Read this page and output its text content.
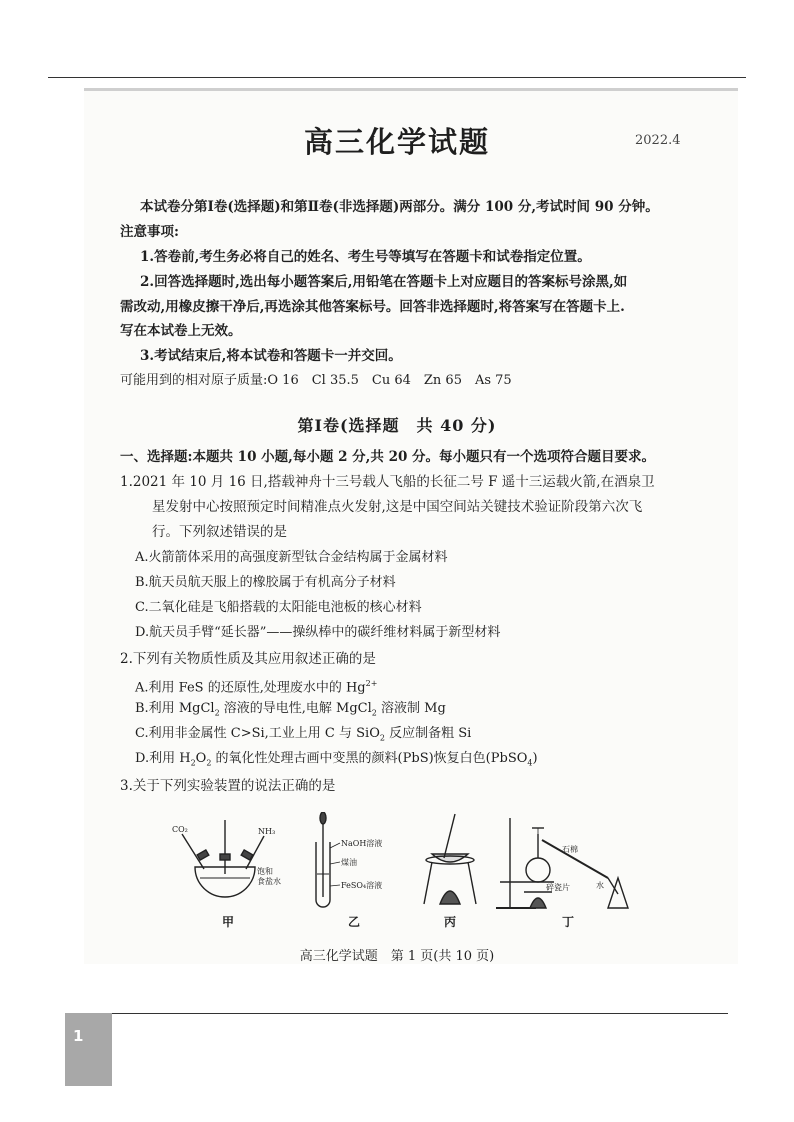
高三化学试题	2022.4
本试卷分第Ⅰ卷(选择题)和第Ⅱ卷(非选择题)两部分。满分 100 分,考试时间 90 分钟。
注意事项:
1.答卷前,考生务必将自己的姓名、考生号等填写在答题卡和试卷指定位置。
2.回答选择题时,选出每小题答案后,用铅笔在答题卡上对应题目的答案标号涂黑,如
需改动,用橡皮擦干净后,再选涂其他答案标号。回答非选择题时,将答案写在答题卡上.
写在本试卷上无效。
3.考试结束后,将本试卷和答题卡一并交回。
可能用到的相对原子质量:O 16　Cl 35.5　Cu 64　Zn 65　As 75
第Ⅰ卷(选择题　共 40 分)
一、选择题:本题共 10 小题,每小题 2 分,共 20 分。每小题只有一个选项符合题目要求。
1.2021 年 10 月 16 日,搭载神舟十三号载人飞船的长征二号 F 遥十三运载火箭,在酒泉卫
星发射中心按照预定时间精准点火发射,这是中国空间站关键技术验证阶段第六次飞
行。下列叙述错误的是
A.火箭箭体采用的高强度新型钛合金结构属于金属材料
B.航天员航天服上的橡胶属于有机高分子材料
C.二氧化硅是飞船搭载的太阳能电池板的核心材料
D.航天员手臂“延长器”——操纵棒中的碳纤维材料属于新型材料
2.下列有关物质性质及其应用叙述正确的是
A.利用 FeS 的还原性,处理废水中的 $Hg^{2+}$
B.利用 MgCl$_2$ 溶液的导电性,电解 MgCl$_2$ 溶液制 Mg
C.利用非金属性 C>Si,工业上用 C 与 SiO$_2$ 反应制备粗 Si
D.利用 $H_2O_2$ 的氧化性处理古画中变黑的颜料(PbS)恢复白色(PbSO$_4$)
3.关于下列实验装置的说法正确的是
CO₂	NH₃
饱和
食盐水
NaOH溶液
煤油
FeSO₄溶液
石棉
碎瓷片	水
甲	乙	丙	丁
高三化学试题　第 1 页(共 10 页)
1
